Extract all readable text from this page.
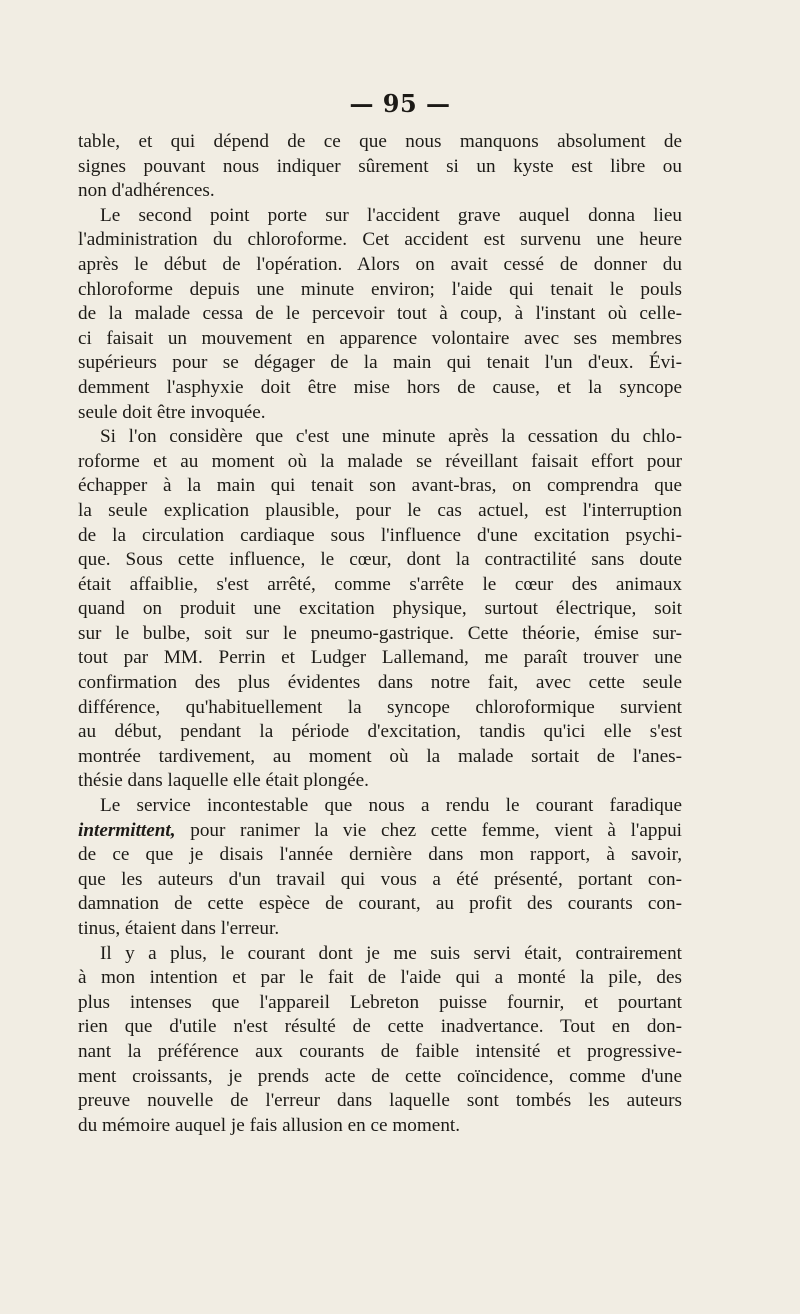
— 95 —
table, et qui dépend de ce que nous manquons absolument de
signes pouvant nous indiquer sûrement si un kyste est libre ou
non d'adhérences.
Le second point porte sur l'accident grave auquel donna lieu
l'administration du chloroforme. Cet accident est survenu une heure
après le début de l'opération. Alors on avait cessé de donner du
chloroforme depuis une minute environ; l'aide qui tenait le pouls
de la malade cessa de le percevoir tout à coup, à l'instant où celle-
ci faisait un mouvement en apparence volontaire avec ses membres
supérieurs pour se dégager de la main qui tenait l'un d'eux. Évi-
demment l'asphyxie doit être mise hors de cause, et la syncope
seule doit être invoquée.
Si l'on considère que c'est une minute après la cessation du chlo-
roforme et au moment où la malade se réveillant faisait effort pour
échapper à la main qui tenait son avant-bras, on comprendra que
la seule explication plausible, pour le cas actuel, est l'interruption
de la circulation cardiaque sous l'influence d'une excitation psychi-
que. Sous cette influence, le cœur, dont la contractilité sans doute
était affaiblie, s'est arrêté, comme s'arrête le cœur des animaux
quand on produit une excitation physique, surtout électrique, soit
sur le bulbe, soit sur le pneumo-gastrique. Cette théorie, émise sur-
tout par MM. Perrin et Ludger Lallemand, me paraît trouver une
confirmation des plus évidentes dans notre fait, avec cette seule
différence, qu'habituellement la syncope chloroformique survient
au début, pendant la période d'excitation, tandis qu'ici elle s'est
montrée tardivement, au moment où la malade sortait de l'anes-
thésie dans laquelle elle était plongée.
Le service incontestable que nous a rendu le courant faradique
intermittent, pour ranimer la vie chez cette femme, vient à l'appui
de ce que je disais l'année dernière dans mon rapport, à savoir,
que les auteurs d'un travail qui vous a été présenté, portant con-
damnation de cette espèce de courant, au profit des courants con-
tinus, étaient dans l'erreur.
Il y a plus, le courant dont je me suis servi était, contrairement
à mon intention et par le fait de l'aide qui a monté la pile, des
plus intenses que l'appareil Lebreton puisse fournir, et pourtant
rien que d'utile n'est résulté de cette inadvertance. Tout en don-
nant la préférence aux courants de faible intensité et progressive-
ment croissants, je prends acte de cette coïncidence, comme d'une
preuve nouvelle de l'erreur dans laquelle sont tombés les auteurs
du mémoire auquel je fais allusion en ce moment.
